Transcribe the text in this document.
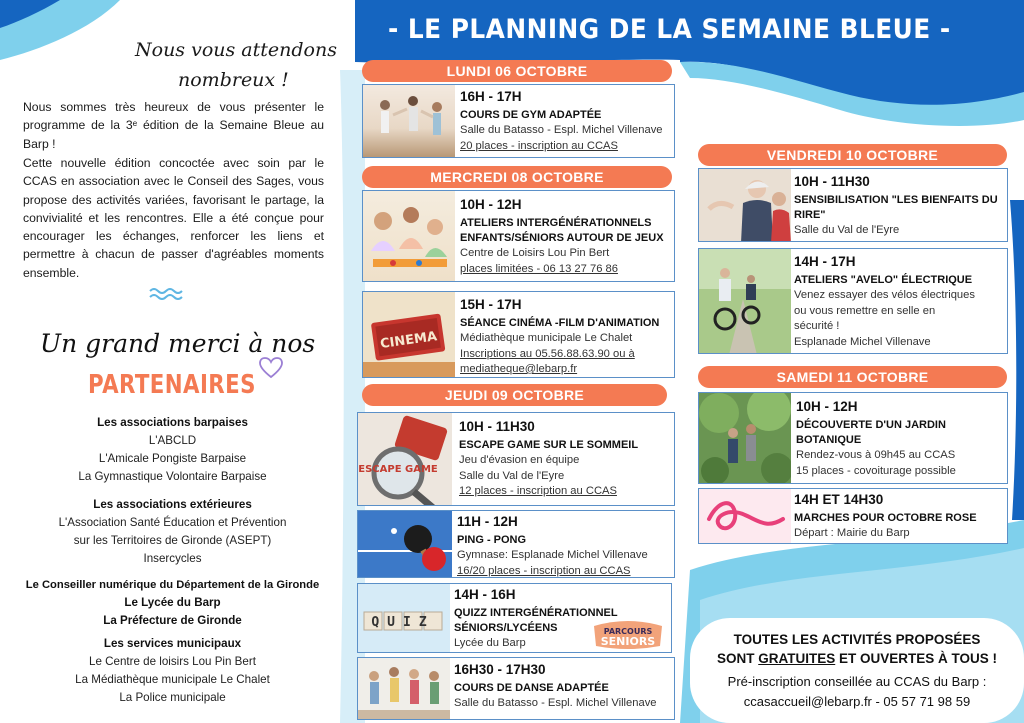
- LE PLANNING DE LA SEMAINE BLEUE -
Nous vous attendons
nombreux !
Nous sommes très heureux de vous présenter le programme de la 3ᵉ édition de la Semaine Bleue au Barp !
Cette nouvelle édition concoctée avec soin par le CCAS en association avec le Conseil des Sages, vous propose des activités variées, favorisant le partage, la convivialité et les rencontres. Elle a été conçue pour encourager les échanges, renforcer les liens et permettre à chacun de passer d'agréables moments ensemble.
Un grand merci à nos
PARTENAIRES
Les associations barpaises
L'ABCLD
L'Amicale Pongiste Barpaise
La Gymnastique Volontaire Barpaise
Les associations extérieures
L'Association Santé Éducation et Prévention
sur les Territoires de Gironde (ASEPT)
Insercycles
Le Conseiller numérique du Département de la Gironde
Le Lycée du Barp
La Préfecture de Gironde
Les services municipaux
Le Centre de loisirs Lou Pin Bert
La Médiathèque municipale Le Chalet
La Police municipale
LUNDI 06 OCTOBRE
16H - 17H
COURS DE GYM ADAPTÉE
Salle du Batasso - Espl. Michel Villenave
20 places - inscription au CCAS
MERCREDI 08 OCTOBRE
10H - 12H
ATELIERS INTERGÉNÉRATIONNELS
ENFANTS/SÉNIORS AUTOUR DE JEUX
Centre de Loisirs Lou Pin Bert
places limitées - 06 13 27 76 86
CINEMA
15H - 17H
SÉANCE CINÉMA -FILM D'ANIMATION
Médiathèque municipale Le Chalet
Inscriptions au 05.56.88.63.90 ou à
mediatheque@lebarp.fr
JEUDI 09 OCTOBRE
ESCAPE GAME
10H - 11H30
ESCAPE GAME SUR LE SOMMEIL
Jeu d'évasion en équipe
Salle du Val de l'Eyre
12 places - inscription au CCAS
11H - 12H
PING - PONG
Gymnase: Esplanade Michel Villenave
16/20 places - inscription au CCAS
QUIZ
14H - 16H
QUIZZ INTERGÉNÉRATIONNEL
SÉNIORS/LYCÉENS
Lycée du Barp
PARCOURS
SENIORS
16H30 - 17H30
COURS DE DANSE ADAPTÉE
Salle du Batasso - Espl. Michel Villenave
VENDREDI 10 OCTOBRE
10H - 11H30
SENSIBILISATION "LES BIENFAITS DU
RIRE"
Salle du Val de l'Eyre
14H - 17H
ATELIERS "AVELO" ÉLECTRIQUE
Venez essayer des vélos électriques
ou vous remettre en selle en
sécurité !
Esplanade Michel Villenave
SAMEDI 11 OCTOBRE
10H - 12H
DÉCOUVERTE D'UN JARDIN
BOTANIQUE
Rendez-vous à 09h45 au CCAS
15 places - covoiturage possible
14H ET 14H30
MARCHES POUR OCTOBRE ROSE
Départ : Mairie du Barp
TOUTES LES ACTIVITÉS PROPOSÉES
SONT GRATUITES ET OUVERTES À TOUS !
Pré-inscription conseillée au CCAS du Barp :
ccasaccueil@lebarp.fr - 05 57 71 98 59
